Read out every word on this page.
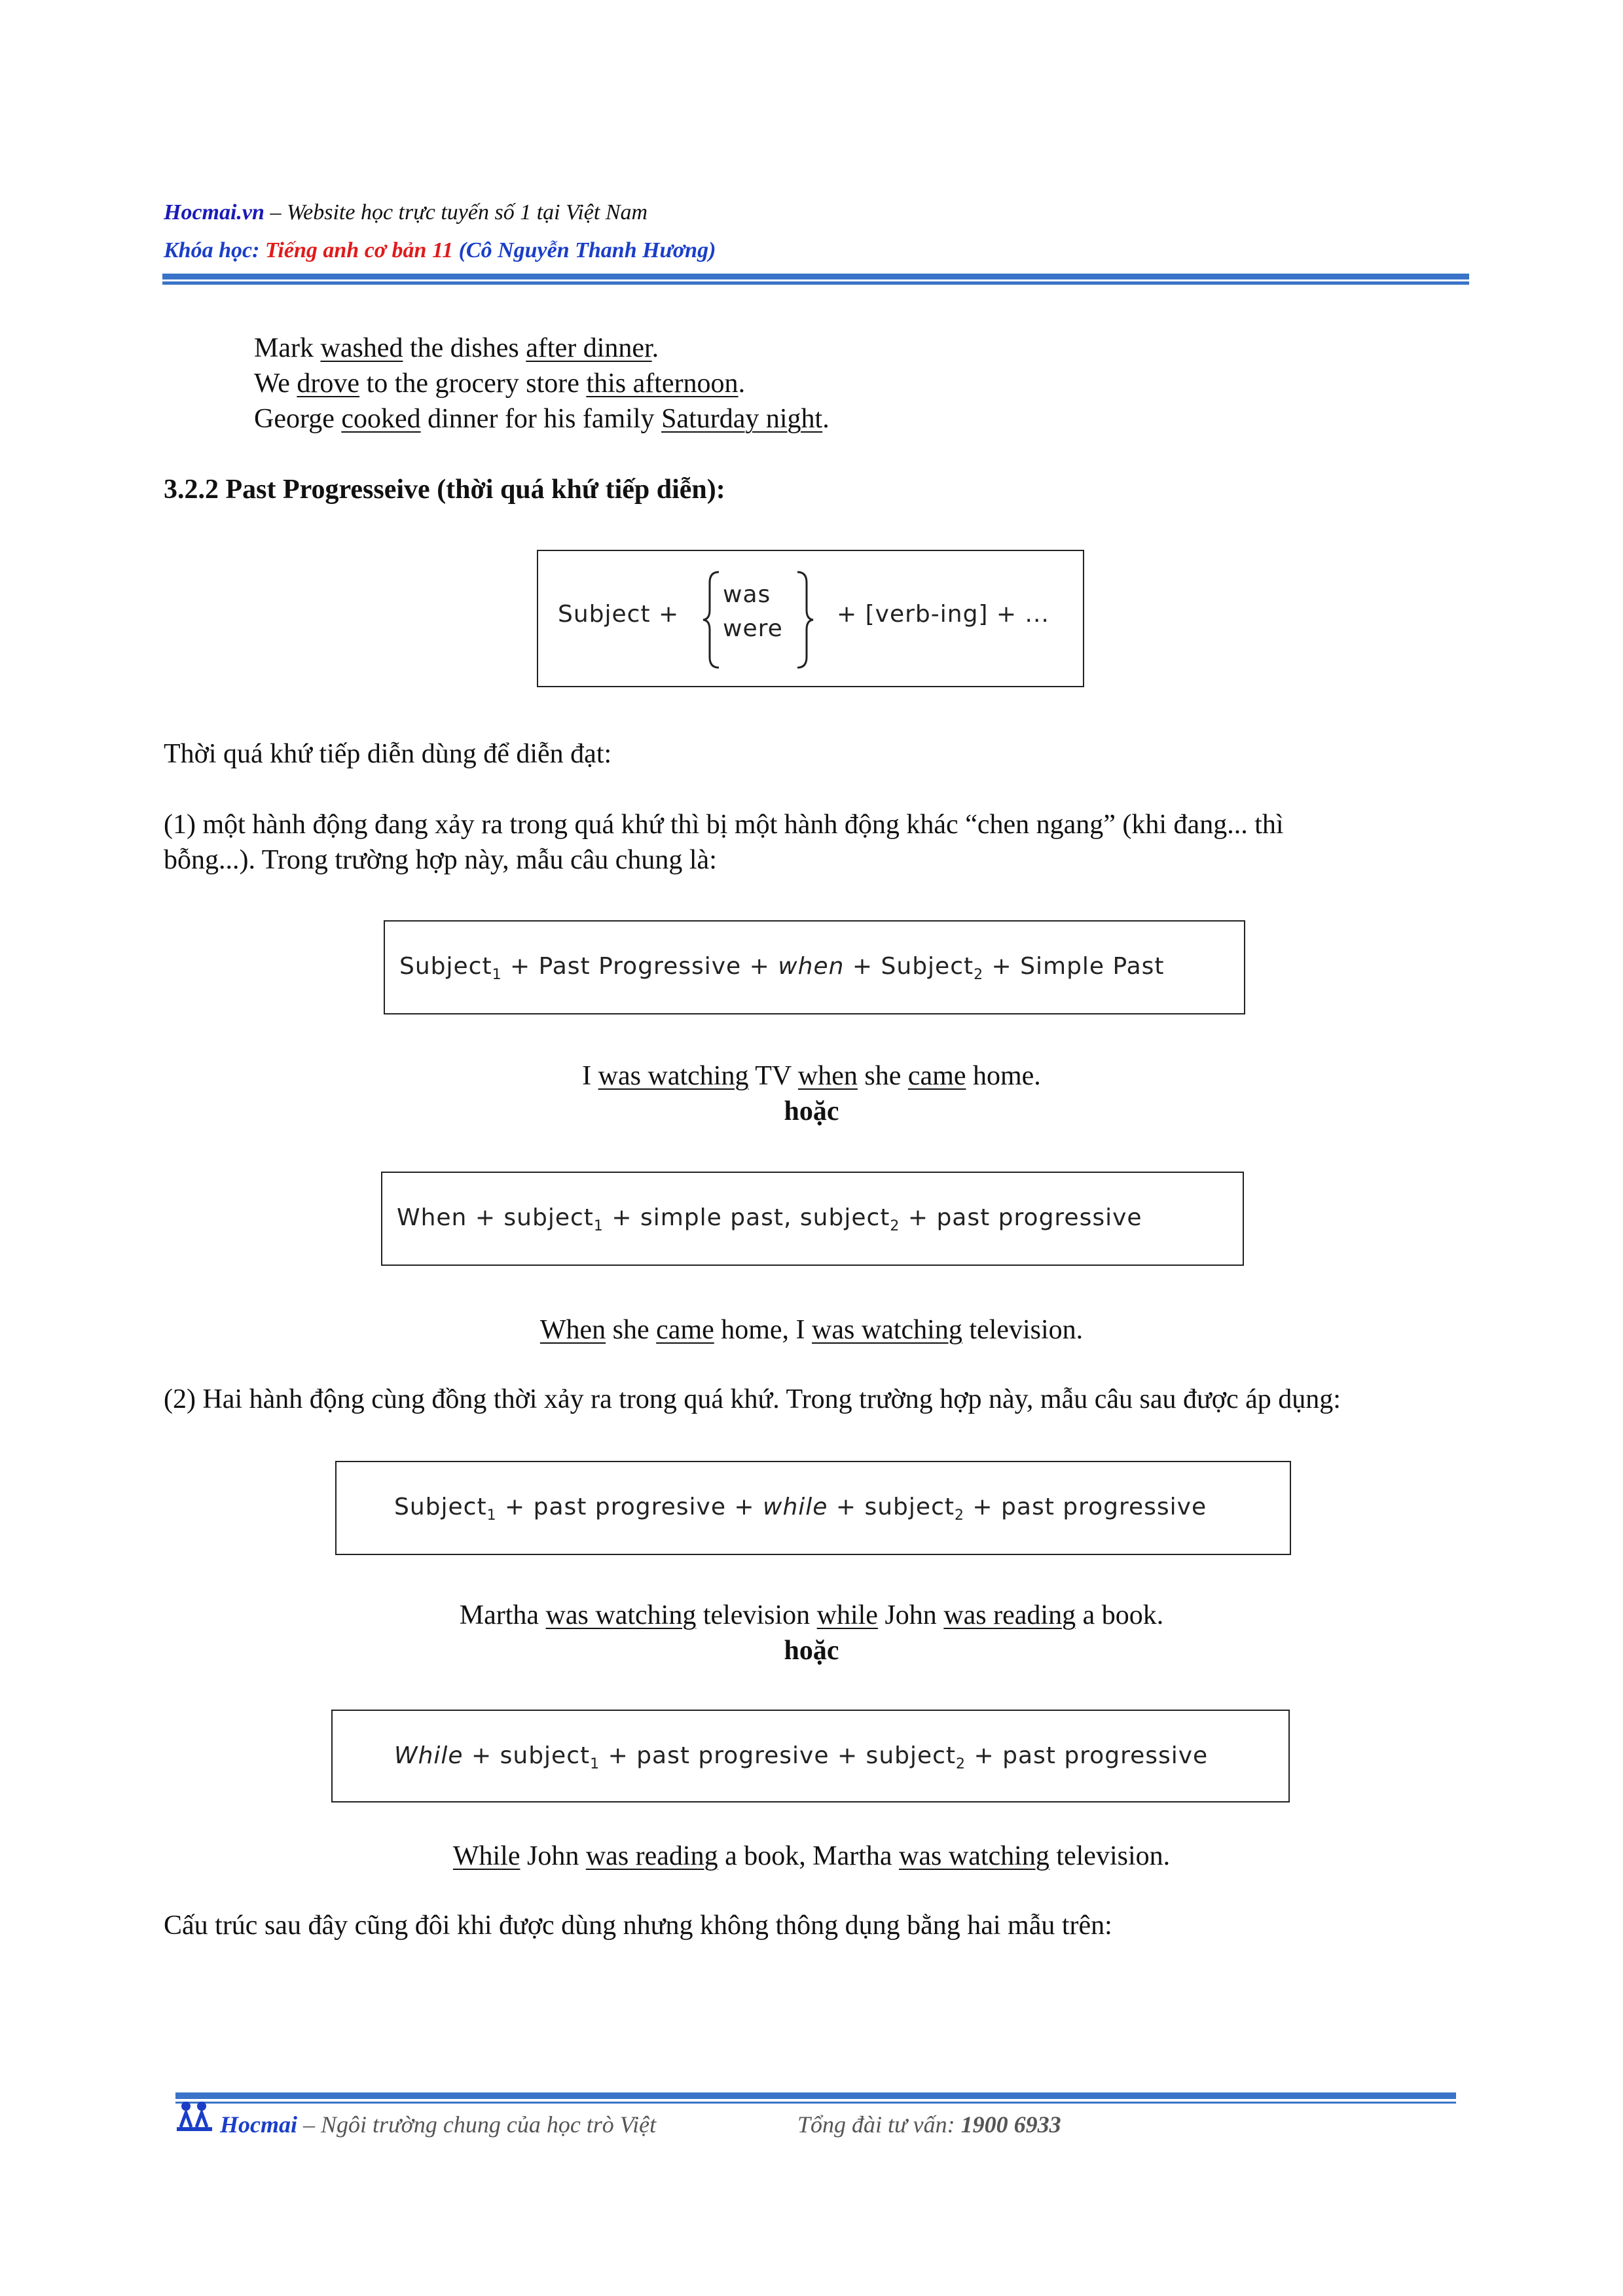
Hocmai.vn – Website học trực tuyến số 1 tại Việt Nam
Khóa học: Tiếng anh cơ bản 11 (Cô Nguyễn Thanh Hương)
Mark washed the dishes after dinner.
We drove to the grocery store this afternoon.
George cooked dinner for his family Saturday night.
3.2.2 Past Progresseive (thời quá khứ tiếp diễn):
Subject +
was
were
+ [verb-ing] + ...
Thời quá khứ tiếp diễn dùng để diễn đạt:
(1) một hành động đang xảy ra trong quá khứ thì bị một hành động khác “chen ngang” (khi đang... thì
bỗng...). Trong trường hợp này, mẫu câu chung là:
Subject$_1$ + Past Progressive + when + Subject$_2$ + Simple Past
I was watching TV when she came home.
hoặc
When + subject$_1$ + simple past, subject$_2$ + past progressive
When she came home, I was watching television.
(2) Hai hành động cùng đồng thời xảy ra trong quá khứ. Trong trường hợp này, mẫu câu sau được áp dụng:
Subject$_1$ + past progresive + while + subject$_2$ + past progressive
Martha was watching television while John was reading a book.
hoặc
While + subject$_1$ + past progresive + subject$_2$ + past progressive
While John was reading a book, Martha was watching television.
Cấu trúc sau đây cũng đôi khi được dùng nhưng không thông dụng bằng hai mẫu trên:
Hocmai – Ngôi trường chung của học trò Việt	Tổng đài tư vấn: 1900 6933
